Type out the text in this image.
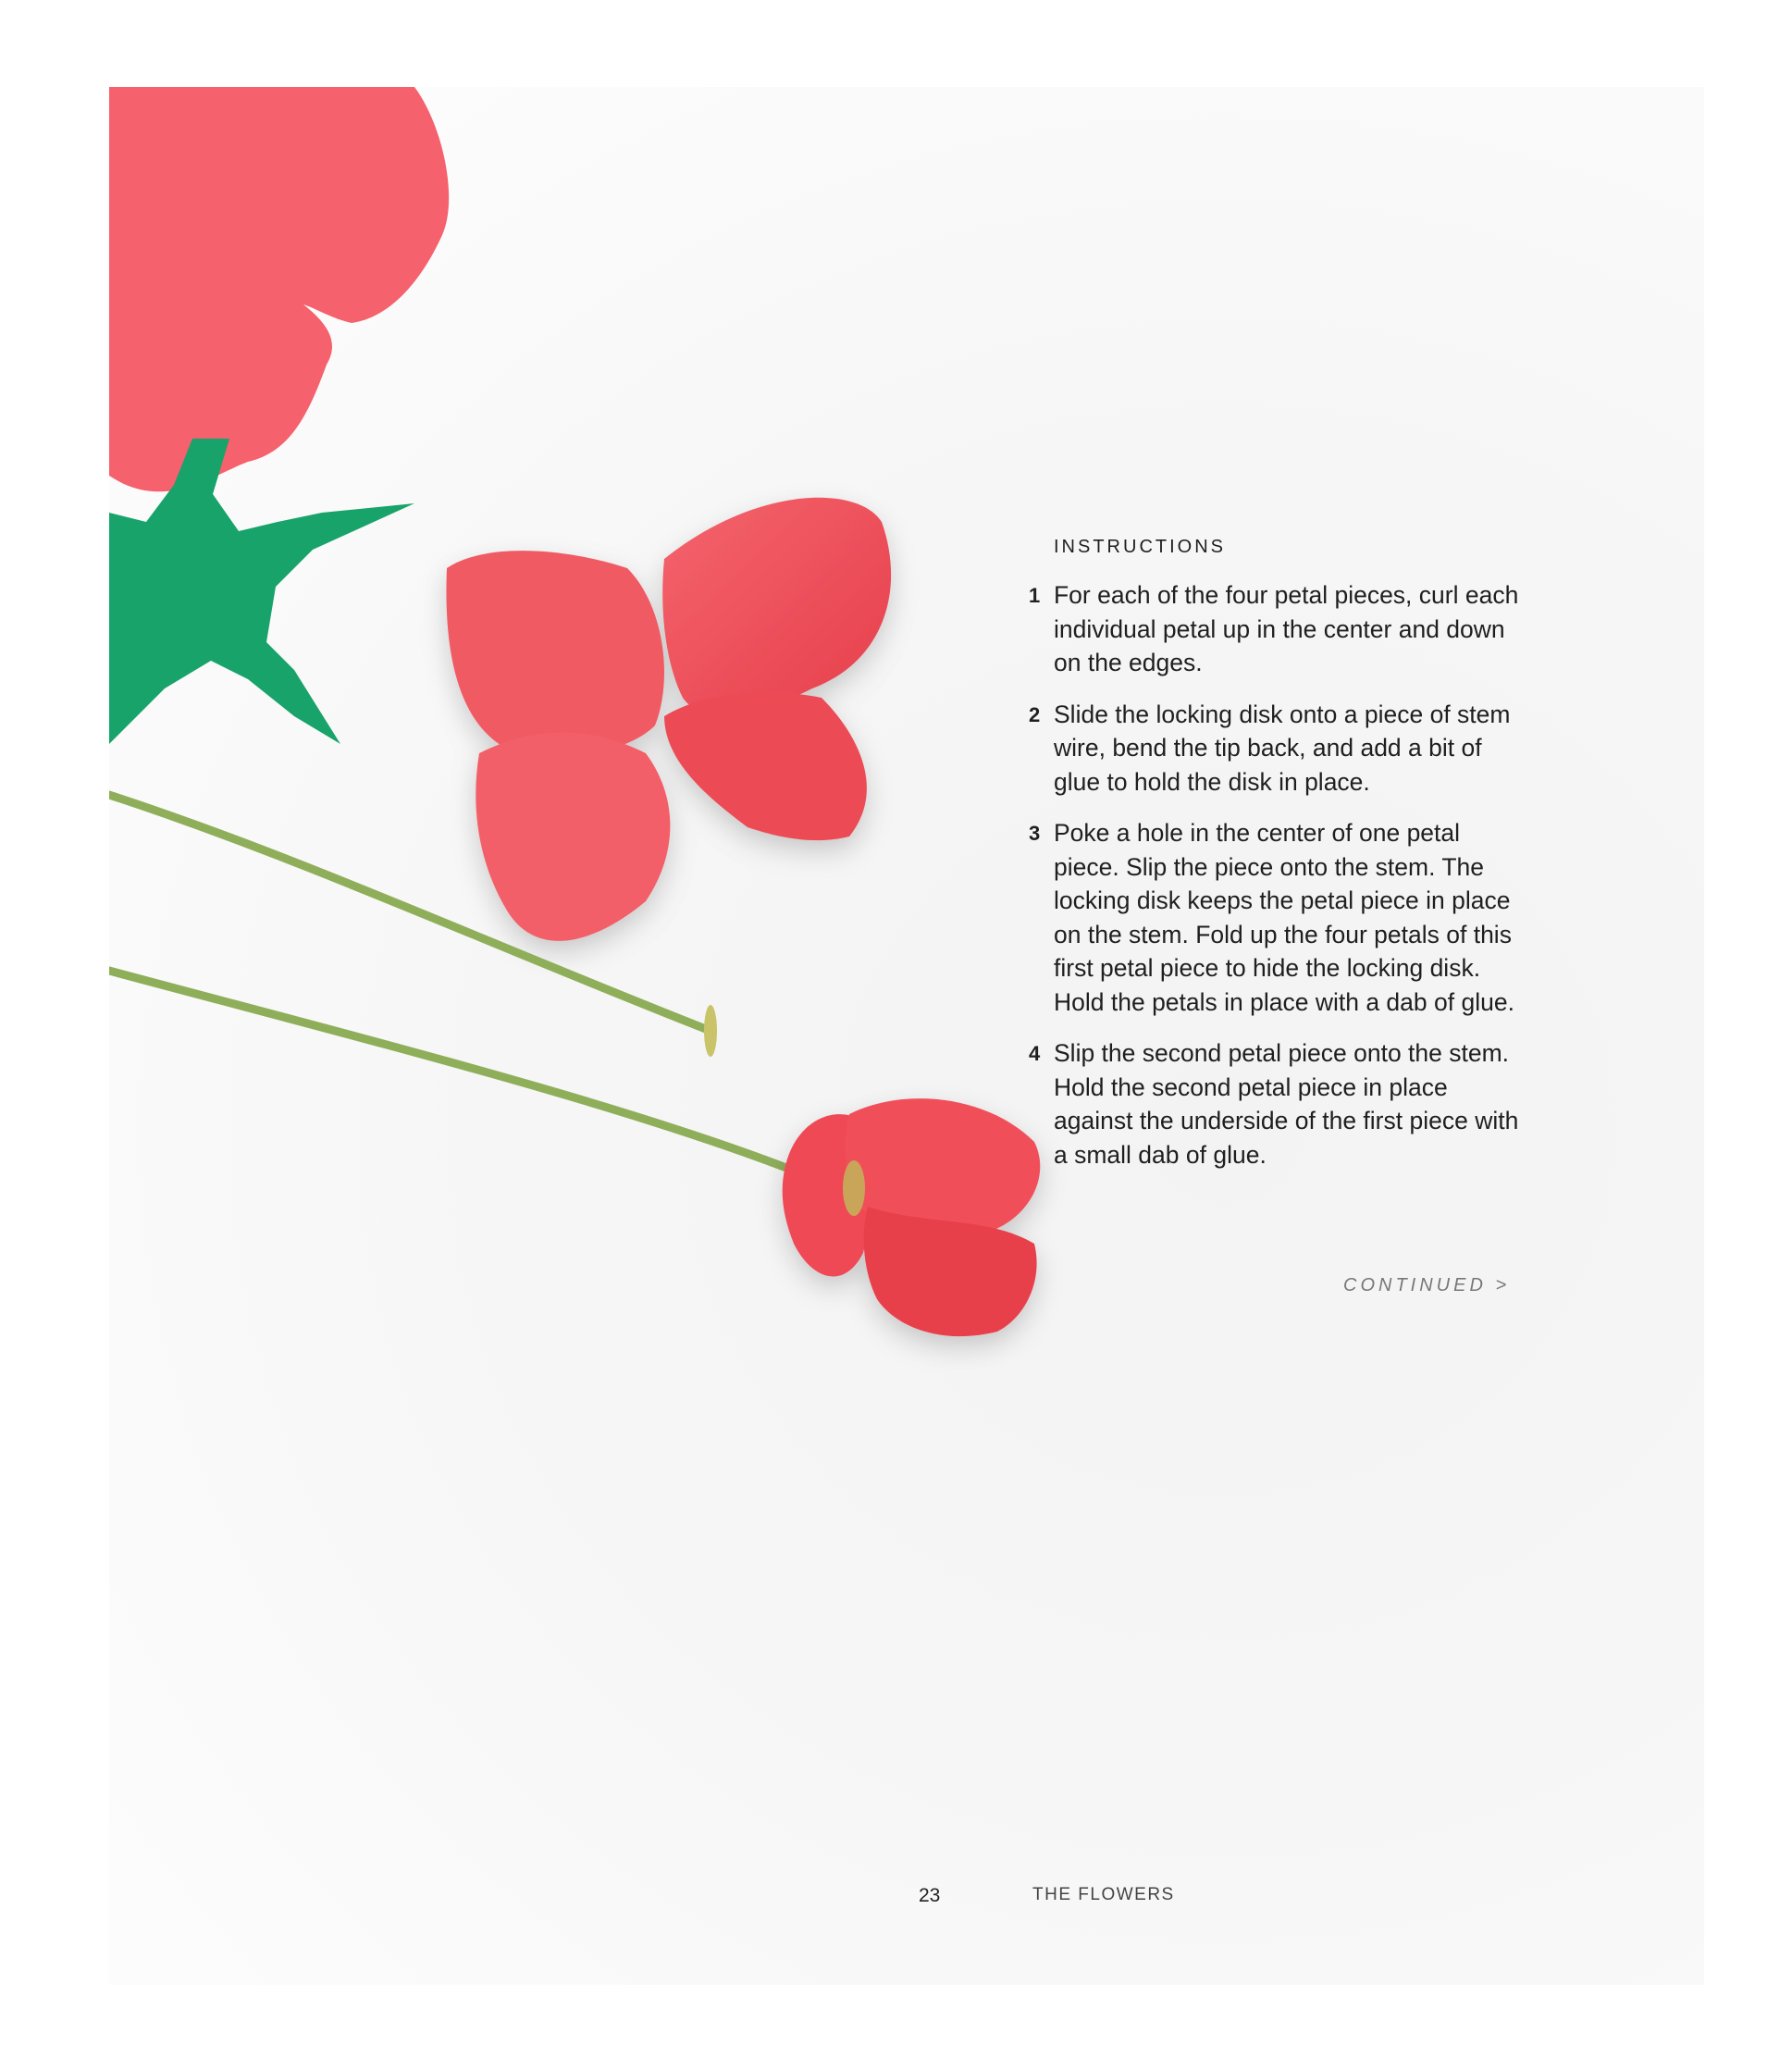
INSTRUCTIONS
1 For each of the four petal pieces, curl each individual petal up in the center and down on the edges.
2 Slide the locking disk onto a piece of stem wire, bend the tip back, and add a bit of glue to hold the disk in place.
3 Poke a hole in the center of one petal piece. Slip the piece onto the stem. The locking disk keeps the petal piece in place on the stem. Fold up the four petals of this first petal piece to hide the locking disk. Hold the petals in place with a dab of glue.
4 Slip the second petal piece onto the stem. Hold the second petal piece in place against the underside of the first piece with a small dab of glue.
CONTINUED >
23	THE FLOWERS
